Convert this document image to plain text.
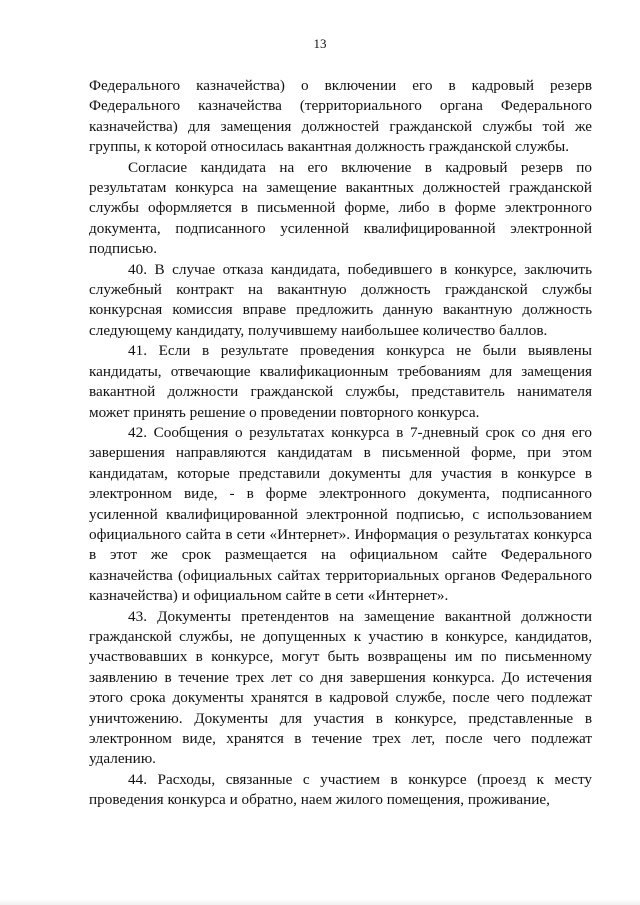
13

Федерального казначейства) о включении его в кадровый резерв Федерального казначейства (территориального органа Федерального казначейства) для замещения должностей гражданской службы той же группы, к которой относилась вакантная должность гражданской службы.

Согласие кандидата на его включение в кадровый резерв по результатам конкурса на замещение вакантных должностей гражданской службы оформляется в письменной форме, либо в форме электронного документа, подписанного усиленной квалифицированной электронной подписью.

40. В случае отказа кандидата, победившего в конкурсе, заключить служебный контракт на вакантную должность гражданской службы конкурсная комиссия вправе предложить данную вакантную должность следующему кандидату, получившему наибольшее количество баллов.

41. Если в результате проведения конкурса не были выявлены кандидаты, отвечающие квалификационным требованиям для замещения вакантной должности гражданской службы, представитель нанимателя может принять решение о проведении повторного конкурса.

42. Сообщения о результатах конкурса в 7-дневный срок со дня его завершения направляются кандидатам в письменной форме, при этом кандидатам, которые представили документы для участия в конкурсе в электронном виде, - в форме электронного документа, подписанного усиленной квалифицированной электронной подписью, с использованием официального сайта в сети «Интернет». Информация о результатах конкурса в этот же срок размещается на официальном сайте Федерального казначейства (официальных сайтах территориальных органов Федерального казначейства) и официальном сайте в сети «Интернет».

43. Документы претендентов на замещение вакантной должности гражданской службы, не допущенных к участию в конкурсе, кандидатов, участвовавших в конкурсе, могут быть возвращены им по письменному заявлению в течение трех лет со дня завершения конкурса. До истечения этого срока документы хранятся в кадровой службе, после чего подлежат уничтожению. Документы для участия в конкурсе, представленные в электронном виде, хранятся в течение трех лет, после чего подлежат удалению.

44. Расходы, связанные с участием в конкурсе (проезд к месту проведения конкурса и обратно, наем жилого помещения, проживание,
